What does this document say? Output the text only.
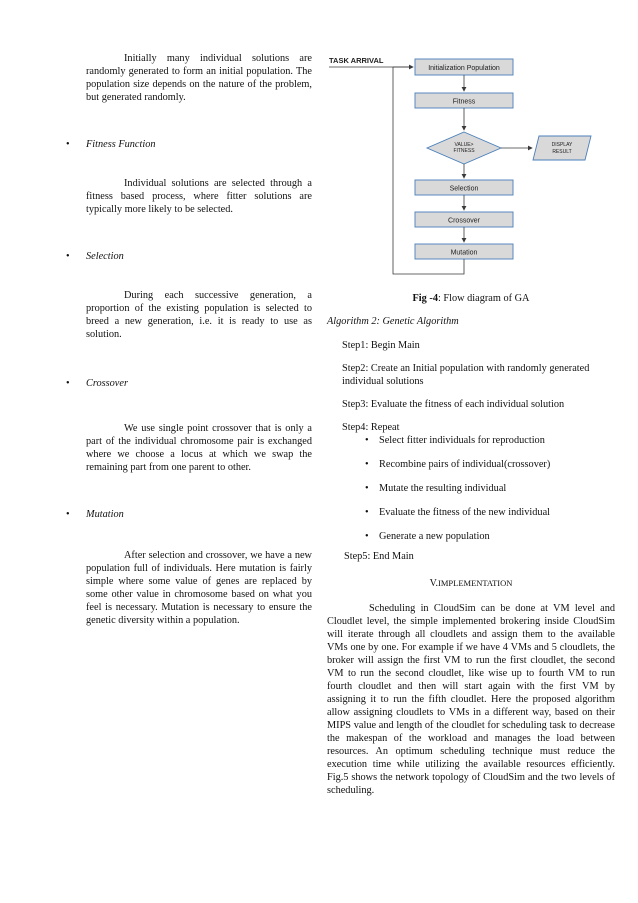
Initially many individual solutions are randomly generated to form an initial population. The population size depends on the nature of the problem, but generated randomly.

• Fitness Function

Individual solutions are selected through a fitness based process, where fitter solutions are typically more likely to be selected.

• Selection

During each successive generation, a proportion of the existing population is selected to breed a new generation, i.e. it is ready to use as solution.

• Crossover

We use single point crossover that is only a part of the individual chromosome pair is exchanged where we choose a locus at which we swap the remaining part from one parent to other.

• Mutation

After selection and crossover, we have a new population full of individuals. Here mutation is fairly simple where some value of genes are replaced by some other value in chromosome based on what you feel is necessary. Mutation is necessary to ensure the genetic diversity within a population.

TASK ARRIVAL
Initialization Population
Fitness
VALUE>
FITNESS
DISPLAY
RESULT
Selection
Crossover
Mutation
Fig -4: Flow diagram of GA
Algorithm 2: Genetic Algorithm
Step1: Begin Main
Step2: Create an Initial population with randomly generated individual solutions
Step3: Evaluate the fitness of each individual solution
Step4: Repeat
• Select fitter individuals for reproduction
• Recombine pairs of individual(crossover)
• Mutate the resulting individual
• Evaluate the fitness of the new individual
• Generate a new population
Step5: End Main
V.IMPLEMENTATION

Scheduling in CloudSim can be done at VM level and Cloudlet level, the simple implemented brokering inside CloudSim will iterate through all cloudlets and assign them to the available VMs one by one. For example if we have 4 VMs and 5 cloudlets, the broker will assign the first VM to run the first cloudlet, the second VM to run the second cloudlet, like wise up to fourth VM to run fourth cloudlet and then will start again with the first VM by assigning it to run the fifth cloudlet. Here the proposed algorithm allow assigning cloudlets to VMs in a different way, based on their MIPS value and length of the cloudlet for scheduling task to decrease the makespan of the workload and manages the load between resources. An optimum scheduling technique must reduce the execution time while utilizing the available resources efficiently. Fig.5 shows the network topology of CloudSim and the two levels of scheduling.
